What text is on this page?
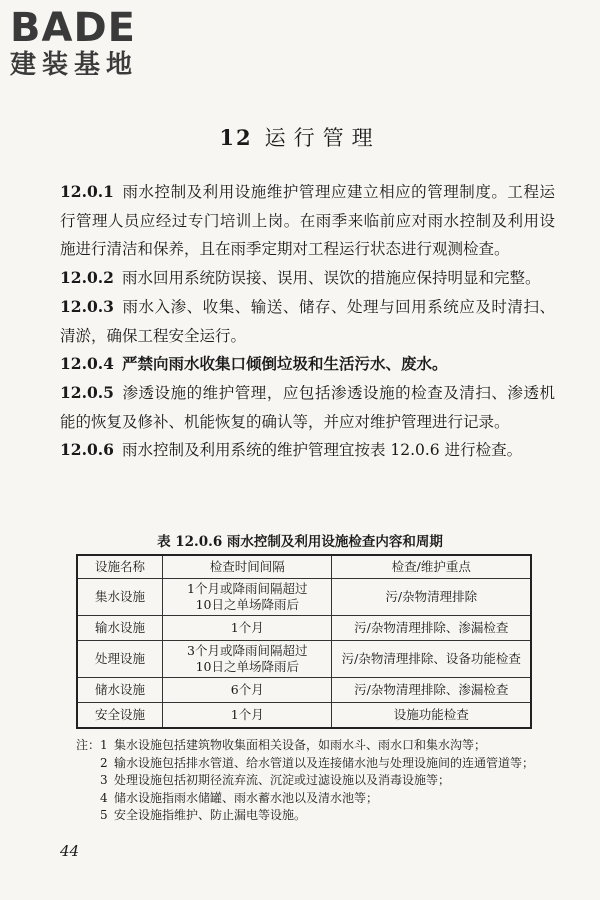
BADE
建装基地
12 运行管理

12.0.1 雨水控制及利用设施维护管理应建立相应的管理制度。工程运行管理人员应经过专门培训上岗。在雨季来临前应对雨水控制及利用设施进行清洁和保养，且在雨季定期对工程运行状态进行观测检查。

12.0.2 雨水回用系统防误接、误用、误饮的措施应保持明显和完整。

12.0.3 雨水入渗、收集、输送、储存、处理与回用系统应及时清扫、清淤，确保工程安全运行。

12.0.4 严禁向雨水收集口倾倒垃圾和生活污水、废水。

12.0.5 渗透设施的维护管理，应包括渗透设施的检查及清扫、渗透机能的恢复及修补、机能恢复的确认等，并应对维护管理进行记录。

12.0.6 雨水控制及利用系统的维护管理宜按表 12.0.6 进行检查。

表 12.0.6 雨水控制及利用设施检查内容和周期
设施名称	检查时间间隔	检查/维护重点
集水设施	1个月或降雨间隔超过10日之单场降雨后	污/杂物清理排除
输水设施	1个月	污/杂物清理排除、渗漏检查
处理设施	3个月或降雨间隔超过10日之单场降雨后	污/杂物清理排除、设备功能检查
储水设施	6个月	污/杂物清理排除、渗漏检查
安全设施	1个月	设施功能检查
注： 1 集水设施包括建筑物收集面相关设备，如雨水斗、雨水口和集水沟等；
2 输水设施包括排水管道、给水管道以及连接储水池与处理设施间的连通管道等；
3 处理设施包括初期径流弃流、沉淀或过滤设施以及消毒设施等；
4 储水设施指雨水储罐、雨水蓄水池以及清水池等；
5 安全设施指维护、防止漏电等设施。
44
